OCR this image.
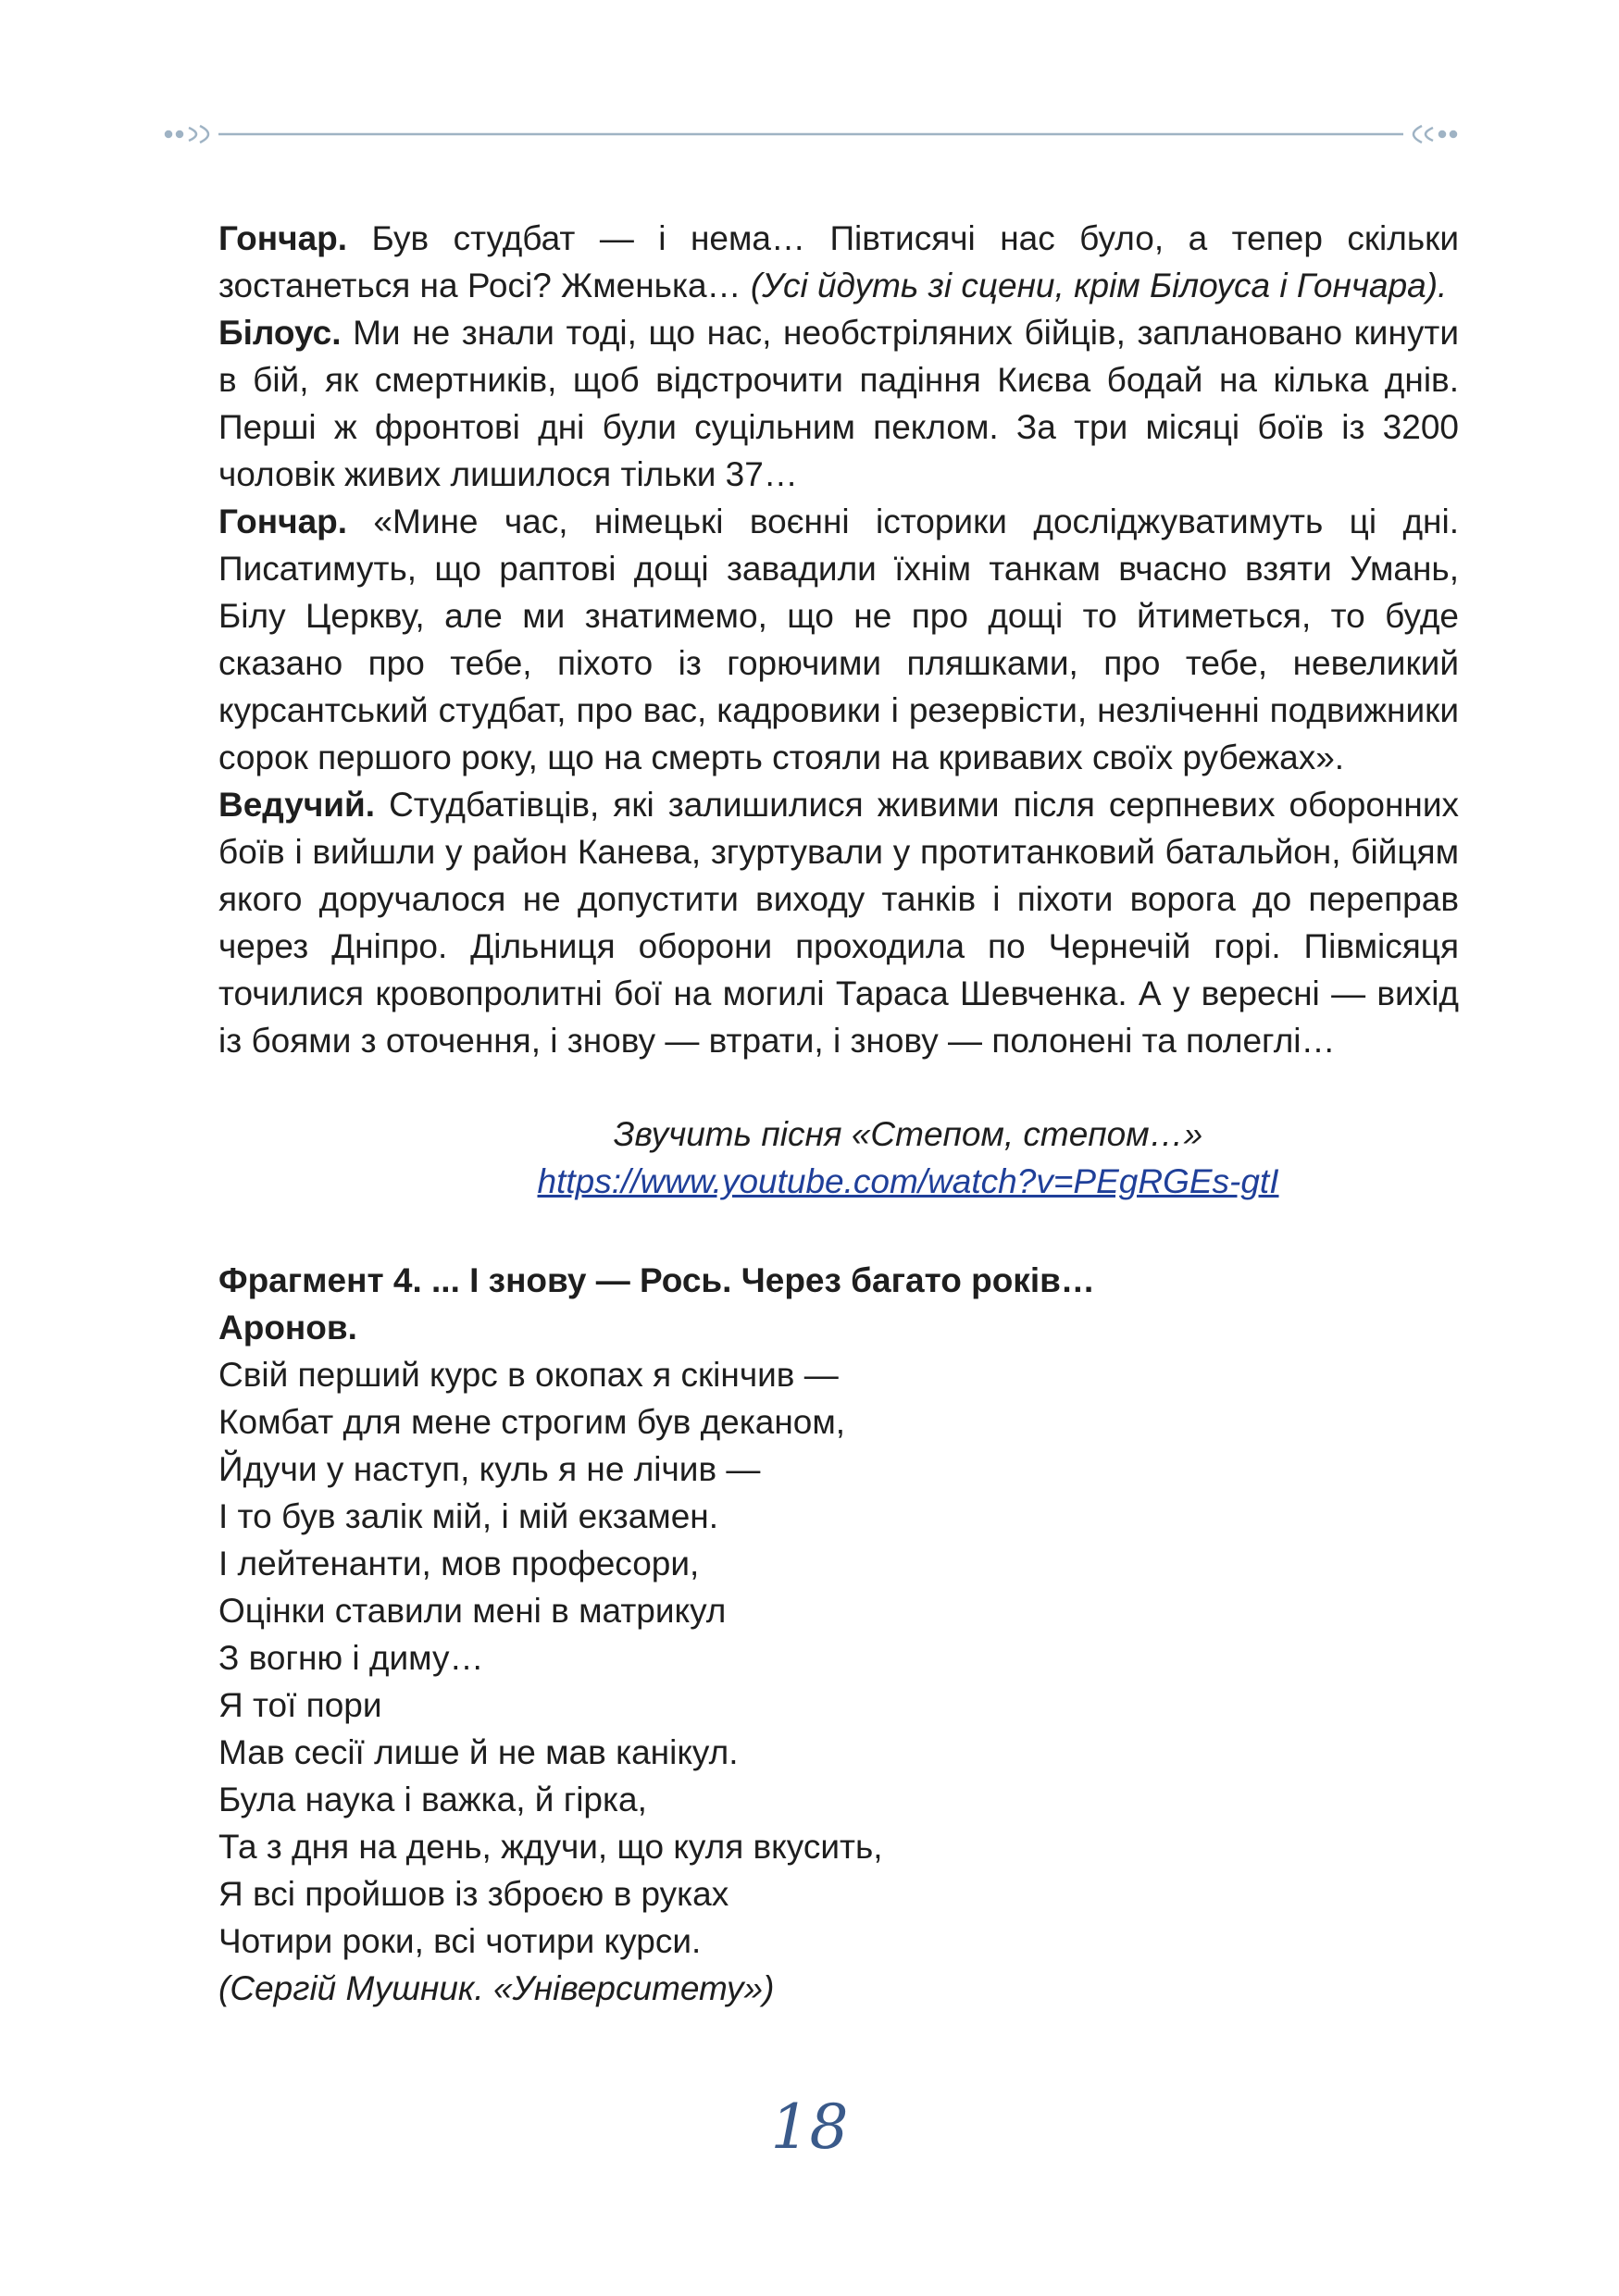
Гончар. Був студбат — і нема… Півтисячі нас було, а тепер скільки зостанеться на Росі? Жменька… (Усі йдуть зі сцени, крім Білоуса і Гончара).

Білоус. Ми не знали тоді, що нас, необстріляних бійців, заплановано кинути в бій, як смертників, щоб відстрочити падіння Києва бодай на кілька днів. Перші ж фронтові дні були суцільним пеклом. За три місяці боїв із 3200 чоловік живих лишилося тільки 37…

Гончар. «Мине час, німецькі воєнні історики досліджуватимуть ці дні. Писатимуть, що раптові дощі завадили їхнім танкам вчасно взяти Умань, Білу Церкву, але ми знатимемо, що не про дощі то йтиметься, то буде сказано про тебе, піхото із горючими пляшками, про тебе, невеликий курсантський студбат, про вас, кадровики і резервісти, незліченні подвижники сорок першого року, що на смерть стояли на кривавих своїх рубежах».

Ведучий. Студбатівців, які залишилися живими після серпневих оборонних боїв і вийшли у район Канева, згуртували у протитанковий батальйон, бійцям якого доручалося не допустити виходу танків і піхоти ворога до переправ через Дніпро. Дільниця оборони проходила по Чернечій горі. Півмісяця точилися кровопролитні бої на могилі Тараса Шевченка. А у вересні — вихід із боями з оточення, і знову — втрати, і знову — полонені та полеглі…

Звучить пісня «Степом, степом…»
https://www.youtube.com/watch?v=PEgRGEs-gtI
Фрагмент 4. ... І знову — Рось. Через багато років…
Аронов.
Свій перший курс в окопах я скінчив —
Комбат для мене строгим був деканом,
Йдучи у наступ, куль я не лічив —
І то був залік мій, і мій екзамен.
І лейтенанти, мов професори,
Оцінки ставили мені в матрикул
З вогню і диму…
Я тої пори
Мав сесії лише й не мав канікул.
Була наука і важка, й гірка,
Та з дня на день, ждучи, що куля вкусить,
Я всі пройшов із зброєю в руках
Чотири роки, всі чотири курси.
(Сергій Мушник. «Університету»)
18
